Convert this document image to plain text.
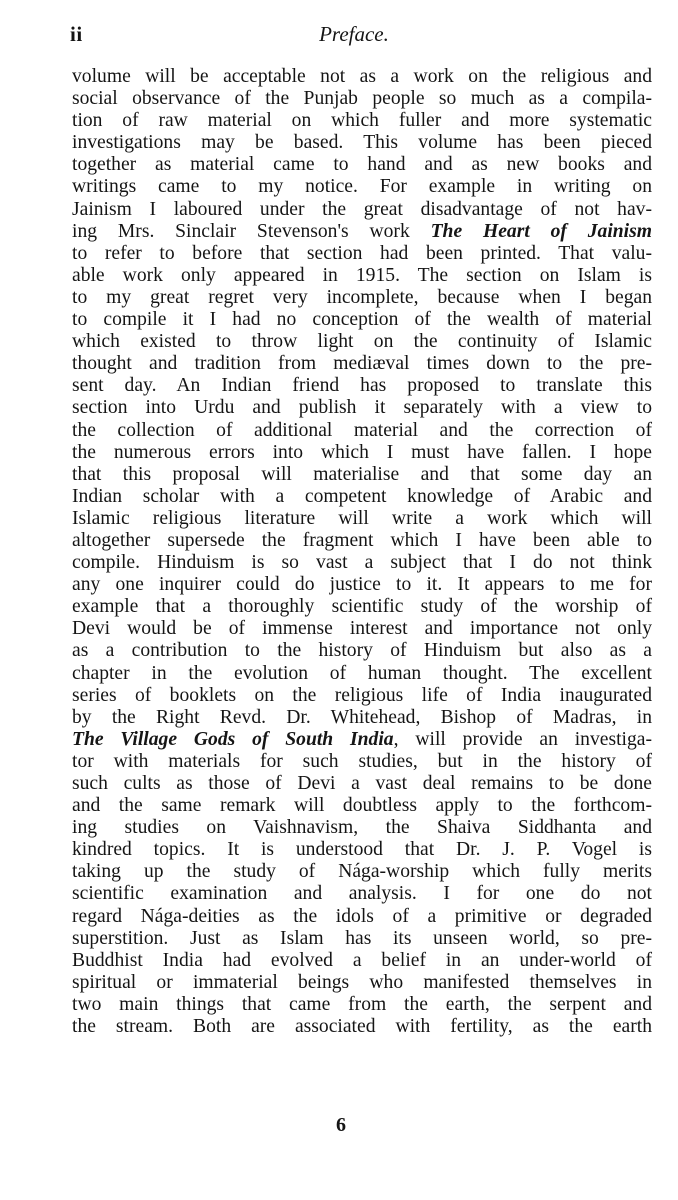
ii	Preface.
volume will be acceptable not as a work on the religious and
social observance of the Punjab people so much as a compila-
tion of raw material on which fuller and more systematic
investigations may be based. This volume has been pieced
together as material came to hand and as new books and
writings came to my notice. For example in writing on
Jainism I laboured under the great disadvantage of not hav-
ing Mrs. Sinclair Stevenson's work The Heart of Jainism
to refer to before that section had been printed. That valu-
able work only appeared in 1915. The section on Islam is
to my great regret very incomplete, because when I began
to compile it I had no conception of the wealth of material
which existed to throw light on the continuity of Islamic
thought and tradition from mediæval times down to the pre-
sent day. An Indian friend has proposed to translate this
section into Urdu and publish it separately with a view to
the collection of additional material and the correction of
the numerous errors into which I must have fallen. I hope
that this proposal will materialise and that some day an
Indian scholar with a competent knowledge of Arabic and
Islamic religious literature will write a work which will
altogether supersede the fragment which I have been able to
compile. Hinduism is so vast a subject that I do not think
any one inquirer could do justice to it. It appears to me for
example that a thoroughly scientific study of the worship of
Devi would be of immense interest and importance not only
as a contribution to the history of Hinduism but also as a
chapter in the evolution of human thought. The excellent
series of booklets on the religious life of India inaugurated
by the Right Revd. Dr. Whitehead, Bishop of Madras, in
The Village Gods of South India, will provide an investiga-
tor with materials for such studies, but in the history of
such cults as those of Devi a vast deal remains to be done
and the same remark will doubtless apply to the forthcom-
ing studies on Vaishnavism, the Shaiva Siddhanta and
kindred topics. It is understood that Dr. J. P. Vogel is
taking up the study of Nága-worship which fully merits
scientific examination and analysis. I for one do not
regard Nága-deities as the idols of a primitive or degraded
superstition. Just as Islam has its unseen world, so pre-
Buddhist India had evolved a belief in an under-world of
spiritual or immaterial beings who manifested themselves in
two main things that came from the earth, the serpent and
the stream. Both are associated with fertility, as the earth
6
